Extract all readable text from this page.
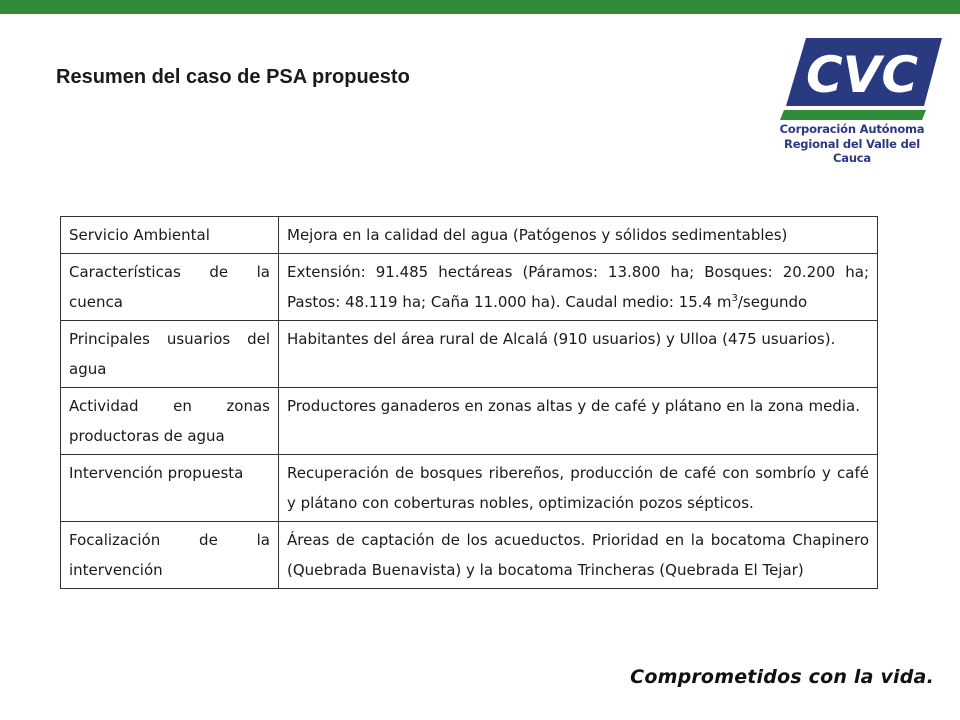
Resumen del caso de PSA propuesto	CVC
Corporación Autónoma
Regional del Valle del Cauca
Servicio Ambiental	Mejora en la calidad del agua (Patógenos y sólidos sedimentables)
Características de la cuenca	Extensión: 91.485 hectáreas (Páramos: 13.800 ha; Bosques: 20.200 ha; Pastos: 48.119 ha; Caña 11.000 ha). Caudal medio: 15.4 $m^3$/segundo
Principales usuarios del agua	Habitantes del área rural de Alcalá (910 usuarios) y Ulloa (475 usuarios).
Actividad en zonas productoras de agua	Productores ganaderos en zonas altas y de café y plátano en la zona media.
Intervención propuesta	Recuperación de bosques ribereños, producción de café con sombrío y café y plátano con coberturas nobles, optimización pozos sépticos.
Focalización de la intervención	Áreas de captación de los acueductos. Prioridad en la bocatoma Chapinero (Quebrada Buenavista) y la bocatoma Trincheras (Quebrada El Tejar)
Comprometidos con la vida.
